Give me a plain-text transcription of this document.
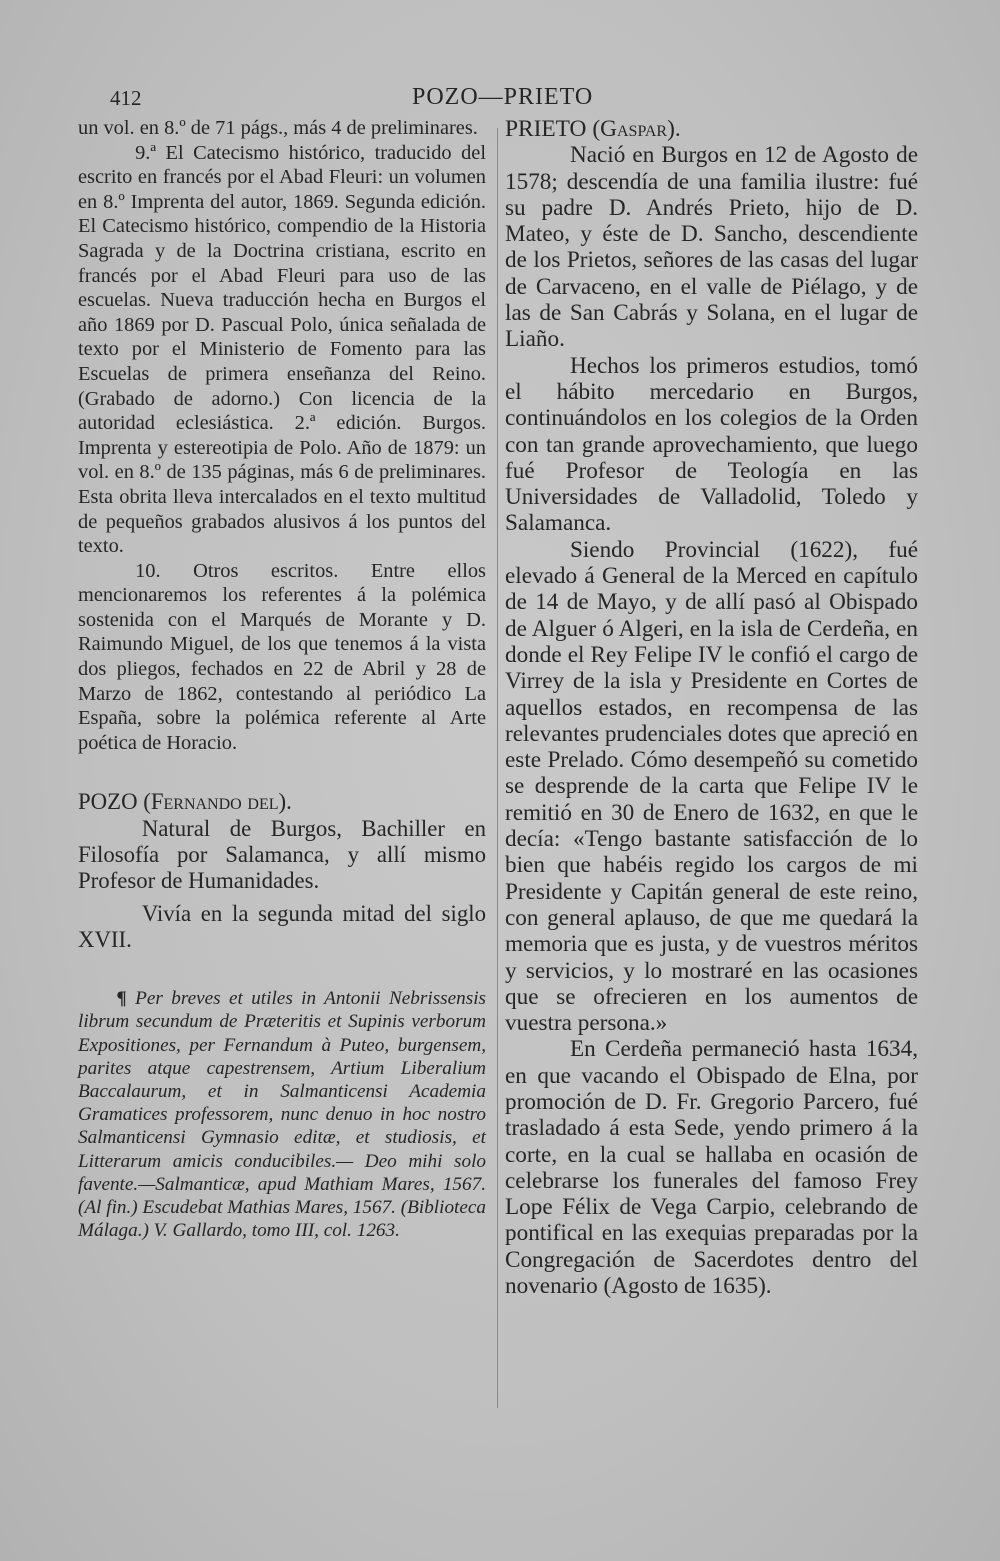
412	POZO—PRIETO

un vol. en 8.º de 71 págs., más 4 de preliminares.

9.ª El Catecismo histórico, traducido del escrito en francés por el Abad Fleuri: un volumen en 8.º Imprenta del autor, 1869. Segunda edición. El Catecismo histórico, compendio de la Historia Sagrada y de la Doctrina cristiana, escrito en francés por el Abad Fleuri para uso de las escuelas. Nueva traducción hecha en Burgos el año 1869 por D. Pascual Polo, única señalada de texto por el Ministerio de Fomento para las Escuelas de primera enseñanza del Reino. (Grabado de adorno.) Con licencia de la autoridad eclesiástica. 2.ª edición. Burgos. Imprenta y estereotipia de Polo. Año de 1879: un vol. en 8.º de 135 páginas, más 6 de preliminares. Esta obrita lleva intercalados en el texto multitud de pequeños grabados alusivos á los puntos del texto.

10. Otros escritos. Entre ellos mencionaremos los referentes á la polémica sostenida con el Marqués de Morante y D. Raimundo Miguel, de los que tenemos á la vista dos pliegos, fechados en 22 de Abril y 28 de Marzo de 1862, contestando al periódico La España, sobre la polémica referente al Arte poética de Horacio.

POZO (Fernando del).

Natural de Burgos, Bachiller en Filosofía por Salamanca, y allí mismo Profesor de Humanidades.

Vivía en la segunda mitad del siglo XVII.

¶ Per breves et utiles in Antonii Nebrissensis librum secundum de Præteritis et Supinis verborum Expositiones, per Fernandum à Puteo, burgensem, parites atque capestrensem, Artium Liberalium Baccalaurum, et in Salmanticensi Academia Gramatices professorem, nunc denuo in hoc nostro Salmanticensi Gymnasio editæ, et studiosis, et Litterarum amicis conducibiles.— Deo mihi solo favente.—Salmanticæ, apud Mathiam Mares, 1567. (Al fin.) Escudebat Mathias Mares, 1567. (Biblioteca Málaga.) V. Gallardo, tomo III, col. 1263.

PRIETO (Gaspar).

Nació en Burgos en 12 de Agosto de 1578; descendía de una familia ilustre: fué su padre D. Andrés Prieto, hijo de D. Mateo, y éste de D. Sancho, descendiente de los Prietos, señores de las casas del lugar de Carvaceno, en el valle de Piélago, y de las de San Cabrás y Solana, en el lugar de Liaño.

Hechos los primeros estudios, tomó el hábito mercedario en Burgos, continuándolos en los colegios de la Orden con tan grande aprovechamiento, que luego fué Profesor de Teología en las Universidades de Valladolid, Toledo y Salamanca.

Siendo Provincial (1622), fué elevado á General de la Merced en capítulo de 14 de Mayo, y de allí pasó al Obispado de Alguer ó Algeri, en la isla de Cerdeña, en donde el Rey Felipe IV le confió el cargo de Virrey de la isla y Presidente en Cortes de aquellos estados, en recompensa de las relevantes prudenciales dotes que apreció en este Prelado. Cómo desempeñó su cometido se desprende de la carta que Felipe IV le remitió en 30 de Enero de 1632, en que le decía: «Tengo bastante satisfacción de lo bien que habéis regido los cargos de mi Presidente y Capitán general de este reino, con general aplauso, de que me quedará la memoria que es justa, y de vuestros méritos y servicios, y lo mostraré en las ocasiones que se ofrecieren en los aumentos de vuestra persona.»

En Cerdeña permaneció hasta 1634, en que vacando el Obispado de Elna, por promoción de D. Fr. Gregorio Parcero, fué trasladado á esta Sede, yendo primero á la corte, en la cual se hallaba en ocasión de celebrarse los funerales del famoso Frey Lope Félix de Vega Carpio, celebrando de pontifical en las exequias preparadas por la Congregación de Sacerdotes dentro del novenario (Agosto de 1635).
